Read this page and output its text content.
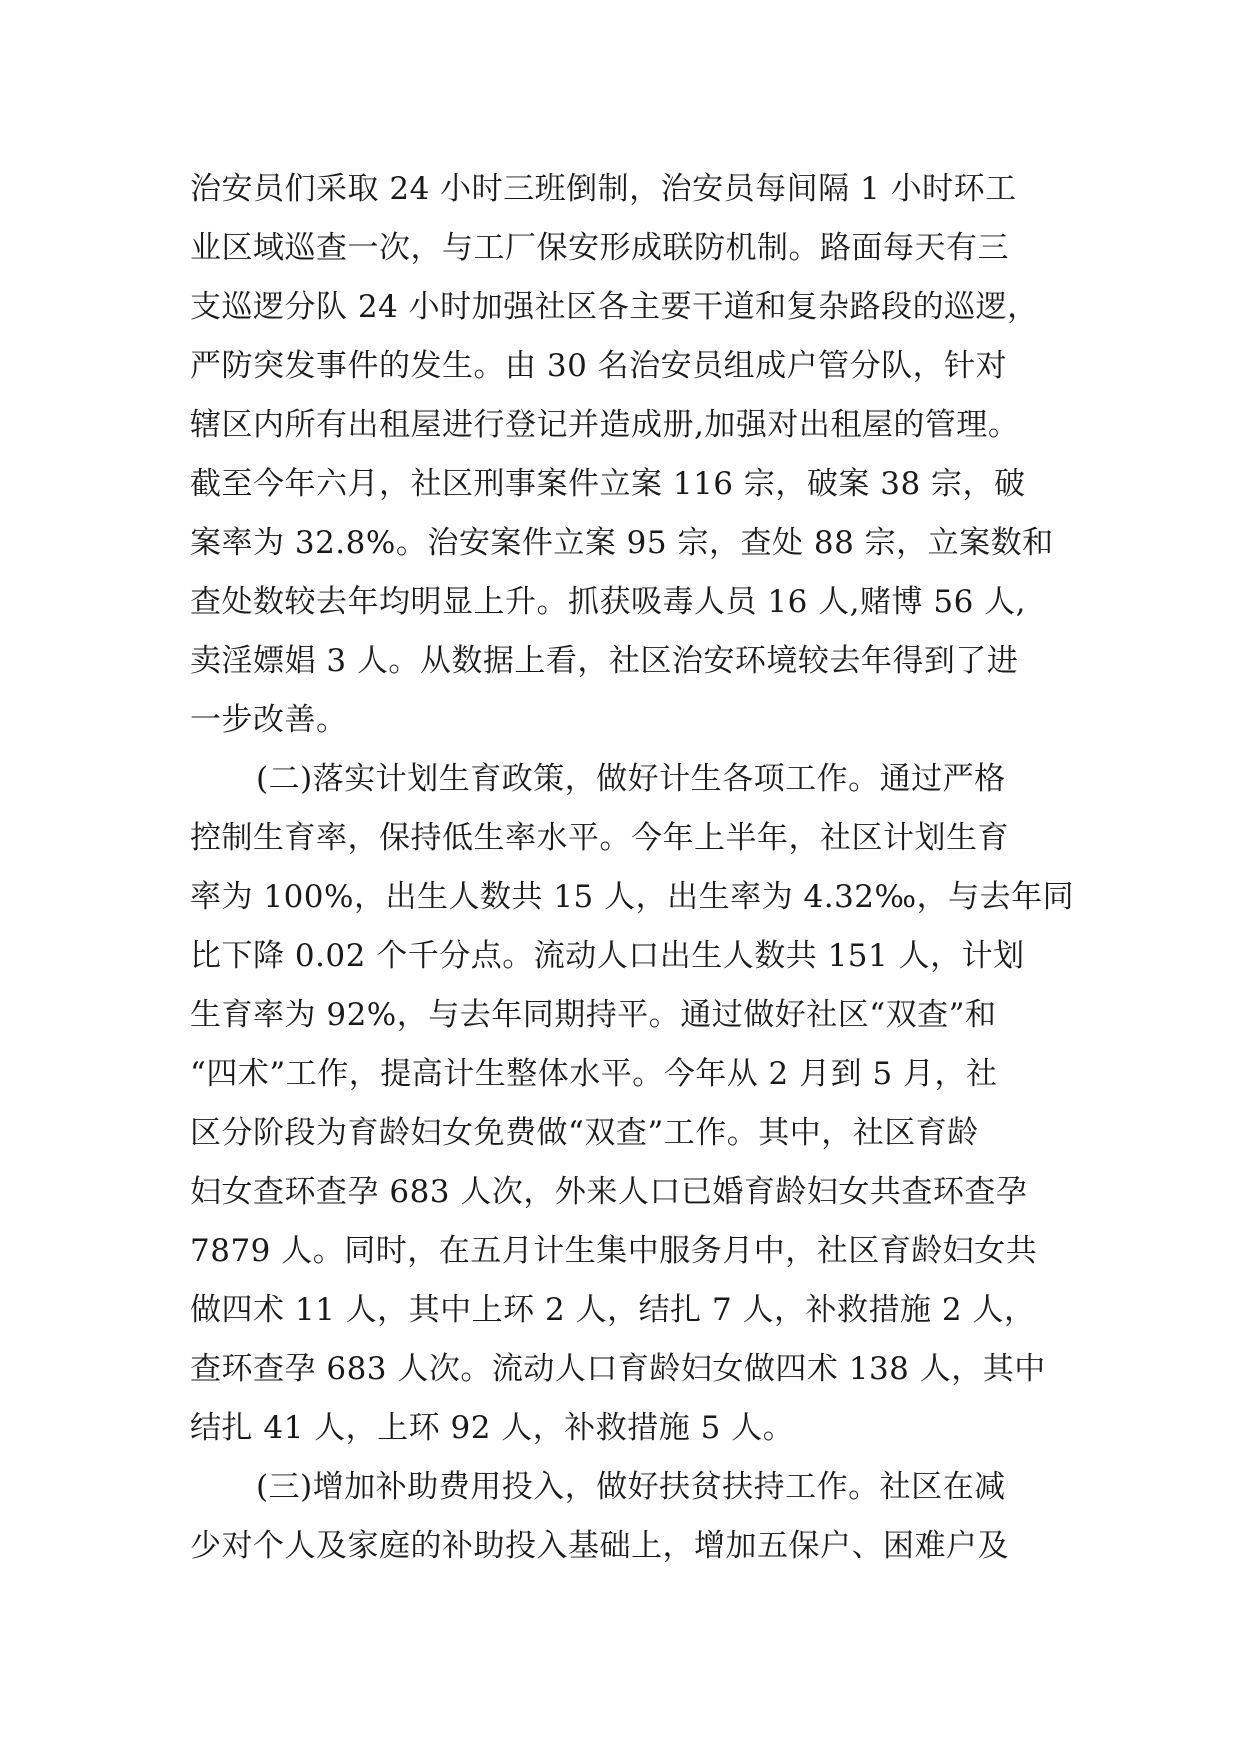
治安员们采取 24 小时三班倒制，治安员每间隔 1 小时环工
业区域巡查一次，与工厂保安形成联防机制。路面每天有三
支巡逻分队 24 小时加强社区各主要干道和复杂路段的巡逻，
严防突发事件的发生。由 30 名治安员组成户管分队，针对
辖区内所有出租屋进行登记并造成册,加强对出租屋的管理。
截至今年六月，社区刑事案件立案 116 宗，破案 38 宗，破
案率为 32.8%。治安案件立案 95 宗，查处 88 宗，立案数和
查处数较去年均明显上升。抓获吸毒人员 16 人,赌博 56 人,
卖淫嫖娼 3 人。从数据上看，社区治安环境较去年得到了进
一步改善。
(二)落实计划生育政策，做好计生各项工作。通过严格
控制生育率，保持低生率水平。今年上半年，社区计划生育
率为 100%，出生人数共 15 人，出生率为 4.32‰，与去年同
比下降 0.02 个千分点。流动人口出生人数共 151 人，计划
生育率为 92%，与去年同期持平。通过做好社区“双查”和
“四术”工作，提高计生整体水平。今年从 2 月到 5 月，社
区分阶段为育龄妇女免费做“双查”工作。其中，社区育龄
妇女查环查孕 683 人次，外来人口已婚育龄妇女共查环查孕
7879 人。同时，在五月计生集中服务月中，社区育龄妇女共
做四术 11 人，其中上环 2 人，结扎 7 人，补救措施 2 人，
查环查孕 683 人次。流动人口育龄妇女做四术 138 人，其中
结扎 41 人，上环 92 人，补救措施 5 人。
(三)增加补助费用投入，做好扶贫扶持工作。社区在减
少对个人及家庭的补助投入基础上，增加五保户、困难户及
